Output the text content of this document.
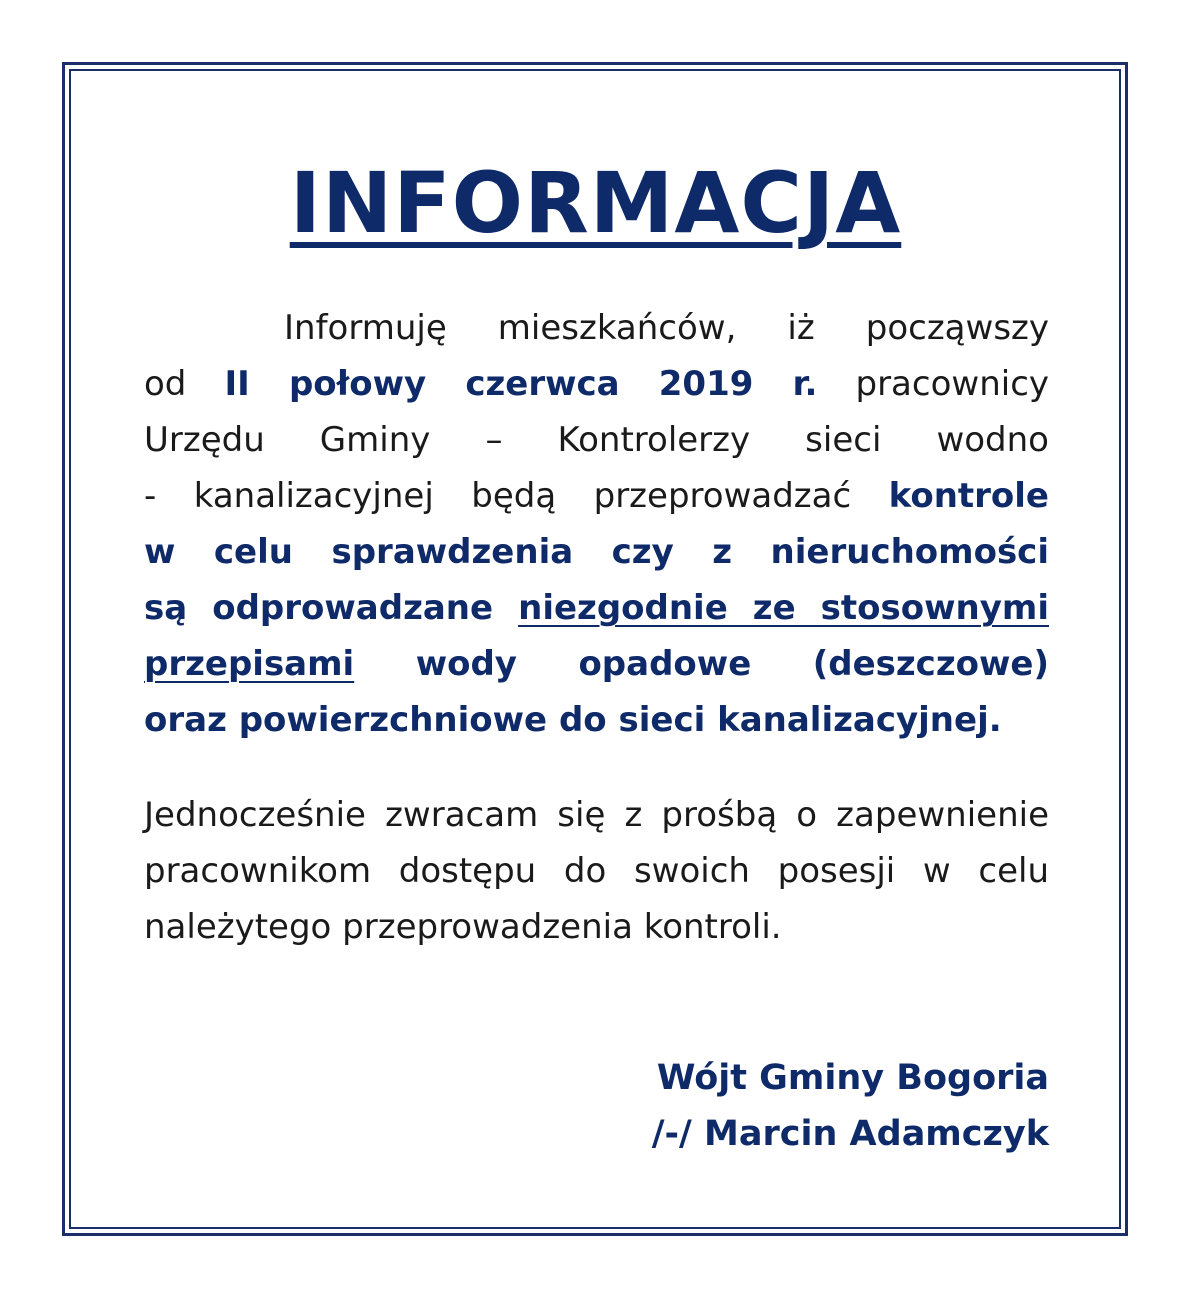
INFORMACJA
Informuję mieszkańców, iż począwszy
od II połowy czerwca 2019 r. pracownicy
Urzędu Gminy – Kontrolerzy sieci wodno
- kanalizacyjnej będą przeprowadzać kontrole
w celu sprawdzenia czy z nieruchomości
są odprowadzane niezgodnie ze stosownymi
przepisami wody opadowe (deszczowe)
oraz powierzchniowe do sieci kanalizacyjnej.
Jednocześnie zwracam się z prośbą o zapewnienie
pracownikom dostępu do swoich posesji w celu
należytego przeprowadzenia kontroli.
Wójt Gminy Bogoria
/-/ Marcin Adamczyk
